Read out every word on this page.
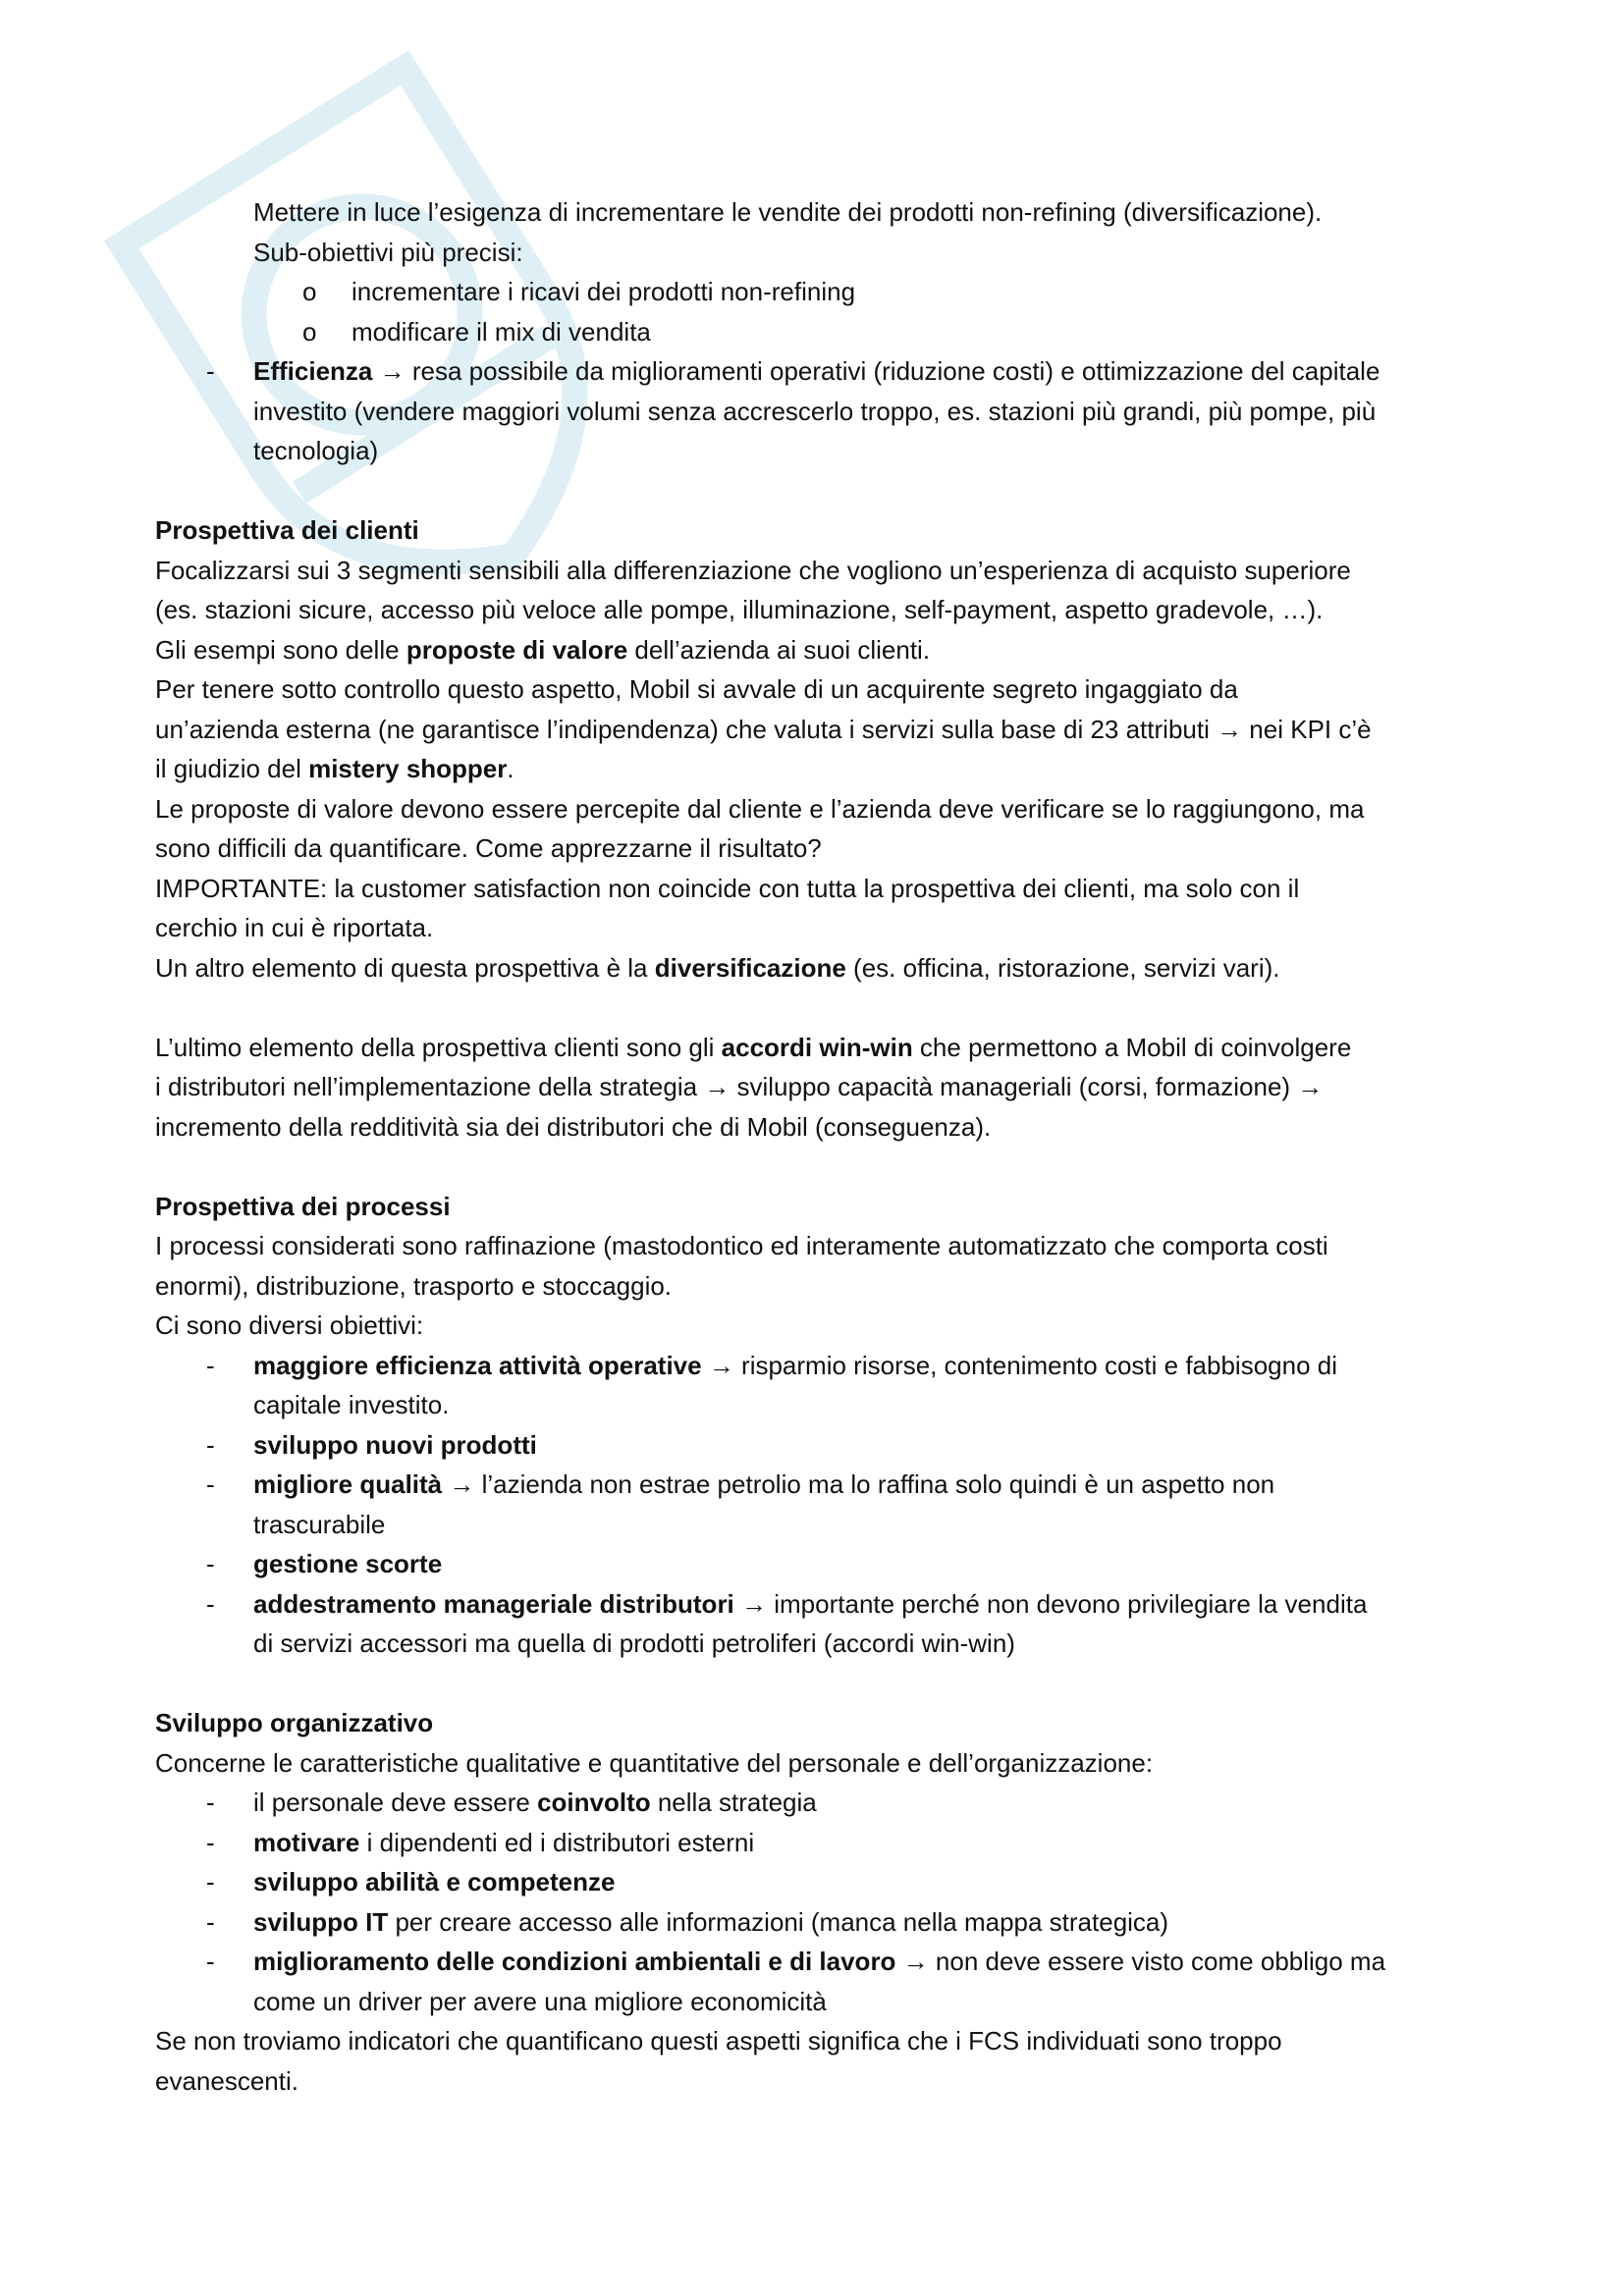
Mettere in luce l’esigenza di incrementare le vendite dei prodotti non-refining (diversificazione).
Sub-obiettivi più precisi:
o incrementare i ricavi dei prodotti non-refining
o modificare il mix di vendita
- Efficienza → resa possibile da miglioramenti operativi (riduzione costi) e ottimizzazione del capitale
investito (vendere maggiori volumi senza accrescerlo troppo, es. stazioni più grandi, più pompe, più
tecnologia)
Prospettiva dei clienti
Focalizzarsi sui 3 segmenti sensibili alla differenziazione che vogliono un’esperienza di acquisto superiore
(es. stazioni sicure, accesso più veloce alle pompe, illuminazione, self-payment, aspetto gradevole, …).
Gli esempi sono delle proposte di valore dell’azienda ai suoi clienti.
Per tenere sotto controllo questo aspetto, Mobil si avvale di un acquirente segreto ingaggiato da
un’azienda esterna (ne garantisce l’indipendenza) che valuta i servizi sulla base di 23 attributi → nei KPI c’è
il giudizio del mistery shopper.
Le proposte di valore devono essere percepite dal cliente e l’azienda deve verificare se lo raggiungono, ma
sono difficili da quantificare. Come apprezzarne il risultato?
IMPORTANTE: la customer satisfaction non coincide con tutta la prospettiva dei clienti, ma solo con il
cerchio in cui è riportata.
Un altro elemento di questa prospettiva è la diversificazione (es. officina, ristorazione, servizi vari).
L’ultimo elemento della prospettiva clienti sono gli accordi win-win che permettono a Mobil di coinvolgere
i distributori nell’implementazione della strategia → sviluppo capacità manageriali (corsi, formazione) →
incremento della redditività sia dei distributori che di Mobil (conseguenza).
Prospettiva dei processi
I processi considerati sono raffinazione (mastodontico ed interamente automatizzato che comporta costi
enormi), distribuzione, trasporto e stoccaggio.
Ci sono diversi obiettivi:
- maggiore efficienza attività operative → risparmio risorse, contenimento costi e fabbisogno di
capitale investito.
- sviluppo nuovi prodotti
- migliore qualità → l’azienda non estrae petrolio ma lo raffina solo quindi è un aspetto non
trascurabile
- gestione scorte
- addestramento manageriale distributori → importante perché non devono privilegiare la vendita
di servizi accessori ma quella di prodotti petroliferi (accordi win-win)
Sviluppo organizzativo
Concerne le caratteristiche qualitative e quantitative del personale e dell’organizzazione:
- il personale deve essere coinvolto nella strategia
- motivare i dipendenti ed i distributori esterni
- sviluppo abilità e competenze
- sviluppo IT per creare accesso alle informazioni (manca nella mappa strategica)
- miglioramento delle condizioni ambientali e di lavoro → non deve essere visto come obbligo ma
come un driver per avere una migliore economicità
Se non troviamo indicatori che quantificano questi aspetti significa che i FCS individuati sono troppo
evanescenti.
